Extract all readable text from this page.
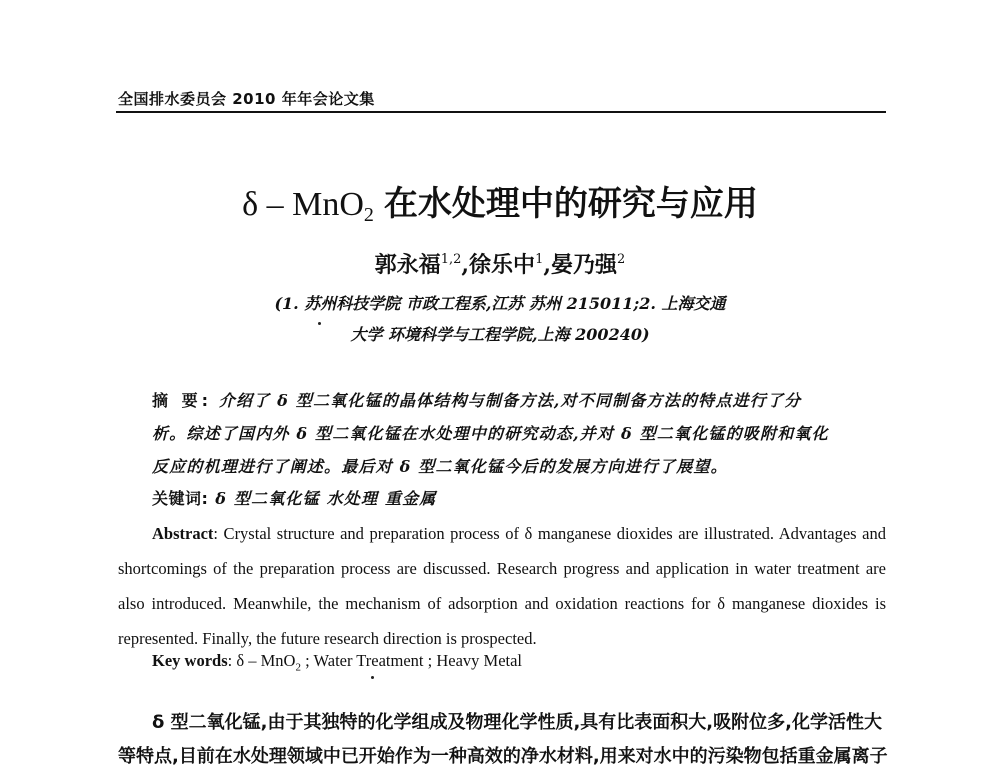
全国排水委员会 2010 年年会论文集
δ – MnO$_2$ 在水处理中的研究与应用
郭永福$^{1,2}$,徐乐中$^1$,晏乃强$^2$
(1. 苏州科技学院 市政工程系,江苏 苏州 215011;2. 上海交通
大学 环境科学与工程学院,上海 200240)
摘 要: 介绍了 δ 型二氧化锰的晶体结构与制备方法,对不同制备方法的特点进行了分
析。综述了国内外 δ 型二氧化锰在水处理中的研究动态,并对 δ 型二氧化锰的吸附和氧化
反应的机理进行了阐述。最后对 δ 型二氧化锰今后的发展方向进行了展望。
关键词: δ 型二氧化锰 水处理 重金属

Abstract: Crystal structure and preparation process of δ manganese dioxides are illustrated. Advantages and shortcomings of the preparation process are discussed. Research progress and application in water treatment are also introduced. Meanwhile, the mechanism of adsorption and oxidation reactions for δ manganese dioxides is represented. Finally, the future research direction is prospected.

Key words: δ – MnO$_2$ ; Water Treatment ; Heavy Metal
δ 型二氧化锰,由于其独特的化学组成及物理化学性质,具有比表面积大,吸附位多,化学活性大
等特点,目前在水处理领域中已开始作为一种高效的净水材料,用来对水中的污染物包括重金属离子
